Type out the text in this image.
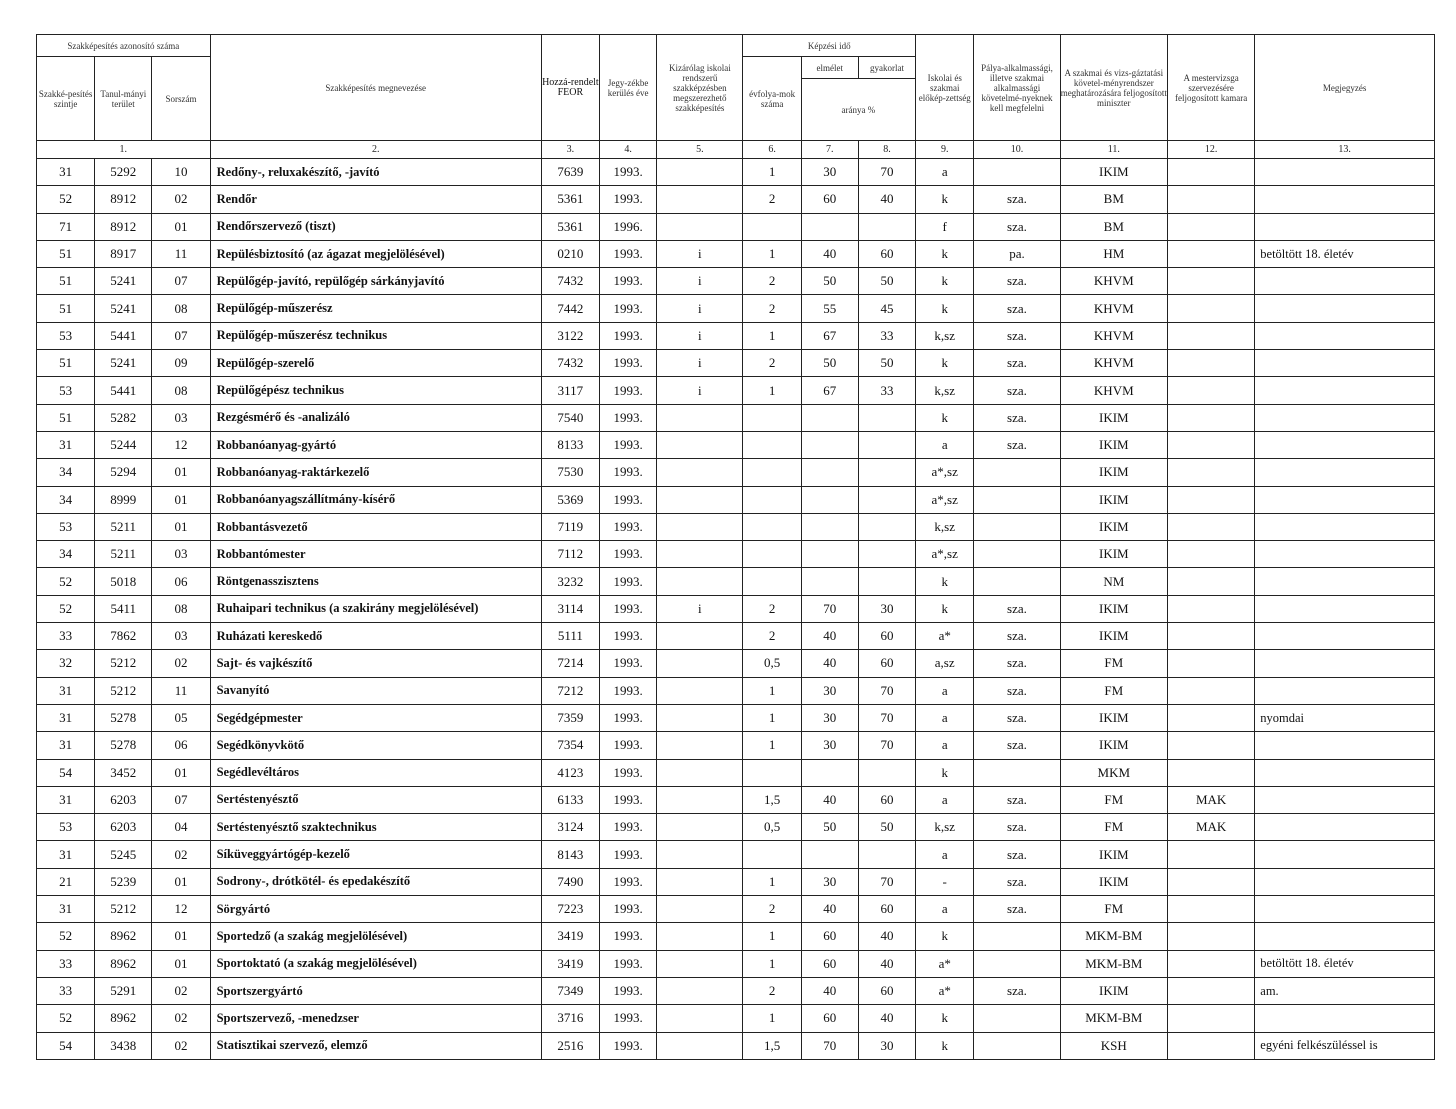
Szakképesítés azonosító száma			Szakképesítés megnevezése	Hozzá-rendelt FEOR	Jegy-zékbe kerülés éve	Kizárólag iskolai rendszerű szakképzésben megszerezhető szakképesítés	Képzési idő			Iskolai és szakmai előkép-zettség	Pálya-alkalmassági, illetve szakmai alkalmassági követelmé-nyeknek kell megfelelni	A szakmai és vizs-gáztatási követel-ményrendszer meghatározására feljogosított miniszter	A mestervizsga szervezésére feljogosított kamara	Megjegyzés
Szakké-pesítés szintje	Tanul-mányi terület	Sorszám					évfolya-mok száma	elmélet	gyakorlat					
								aránya %						
1.			2.	3.	4.	5.	6.	7.	8.	9.	10.	11.	12.	13.
31	5292	10	Redőny-, reluxakészítő, -javító	7639	1993.		1	30	70	a		IKIM		
52	8912	02	Rendőr	5361	1993.		2	60	40	k	sza.	BM		
71	8912	01	Rendőrszervező (tiszt)	5361	1996.					f	sza.	BM		
51	8917	11	Repülésbiztosító (az ágazat megjelölésével)	0210	1993.	i	1	40	60	k	pa.	HM		betöltött 18. életév
51	5241	07	Repülőgép-javító, repülőgép sárkányjavító	7432	1993.	i	2	50	50	k	sza.	KHVM		
51	5241	08	Repülőgép-műszerész	7442	1993.	i	2	55	45	k	sza.	KHVM		
53	5441	07	Repülőgép-műszerész technikus	3122	1993.	i	1	67	33	k,sz	sza.	KHVM		
51	5241	09	Repülőgép-szerelő	7432	1993.	i	2	50	50	k	sza.	KHVM		
53	5441	08	Repülőgépész technikus	3117	1993.	i	1	67	33	k,sz	sza.	KHVM		
51	5282	03	Rezgésmérő és -analizáló	7540	1993.					k	sza.	IKIM		
31	5244	12	Robbanóanyag-gyártó	8133	1993.					a	sza.	IKIM		
34	5294	01	Robbanóanyag-raktárkezelő	7530	1993.					a*,sz		IKIM		
34	8999	01	Robbanóanyagszállítmány-kísérő	5369	1993.					a*,sz		IKIM		
53	5211	01	Robbantásvezető	7119	1993.					k,sz		IKIM		
34	5211	03	Robbantómester	7112	1993.					a*,sz		IKIM		
52	5018	06	Röntgenasszisztens	3232	1993.					k		NM		
52	5411	08	Ruhaipari technikus (a szakirány megjelölésével)	3114	1993.	i	2	70	30	k	sza.	IKIM		
33	7862	03	Ruházati kereskedő	5111	1993.		2	40	60	a*	sza.	IKIM		
32	5212	02	Sajt- és vajkészítő	7214	1993.		0,5	40	60	a,sz	sza.	FM		
31	5212	11	Savanyító	7212	1993.		1	30	70	a	sza.	FM		
31	5278	05	Segédgépmester	7359	1993.		1	30	70	a	sza.	IKIM		nyomdai
31	5278	06	Segédkönyvkötő	7354	1993.		1	30	70	a	sza.	IKIM		
54	3452	01	Segédlevéltáros	4123	1993.					k		MKM		
31	6203	07	Sertéstenyésztő	6133	1993.		1,5	40	60	a	sza.	FM	MAK	
53	6203	04	Sertéstenyésztő szaktechnikus	3124	1993.		0,5	50	50	k,sz	sza.	FM	MAK	
31	5245	02	Síküveggyártógép-kezelő	8143	1993.					a	sza.	IKIM		
21	5239	01	Sodrony-, drótkötél- és epedakészítő	7490	1993.		1	30	70	-	sza.	IKIM		
31	5212	12	Sörgyártó	7223	1993.		2	40	60	a	sza.	FM		
52	8962	01	Sportedző (a szakág megjelölésével)	3419	1993.		1	60	40	k		MKM-BM		
33	8962	01	Sportoktató (a szakág megjelölésével)	3419	1993.		1	60	40	a*		MKM-BM		betöltött 18. életév
33	5291	02	Sportszergyártó	7349	1993.		2	40	60	a*	sza.	IKIM		am.
52	8962	02	Sportszervező, -menedzser	3716	1993.		1	60	40	k		MKM-BM		
54	3438	02	Statisztikai szervező, elemző	2516	1993.		1,5	70	30	k		KSH		egyéni felkészüléssel is
